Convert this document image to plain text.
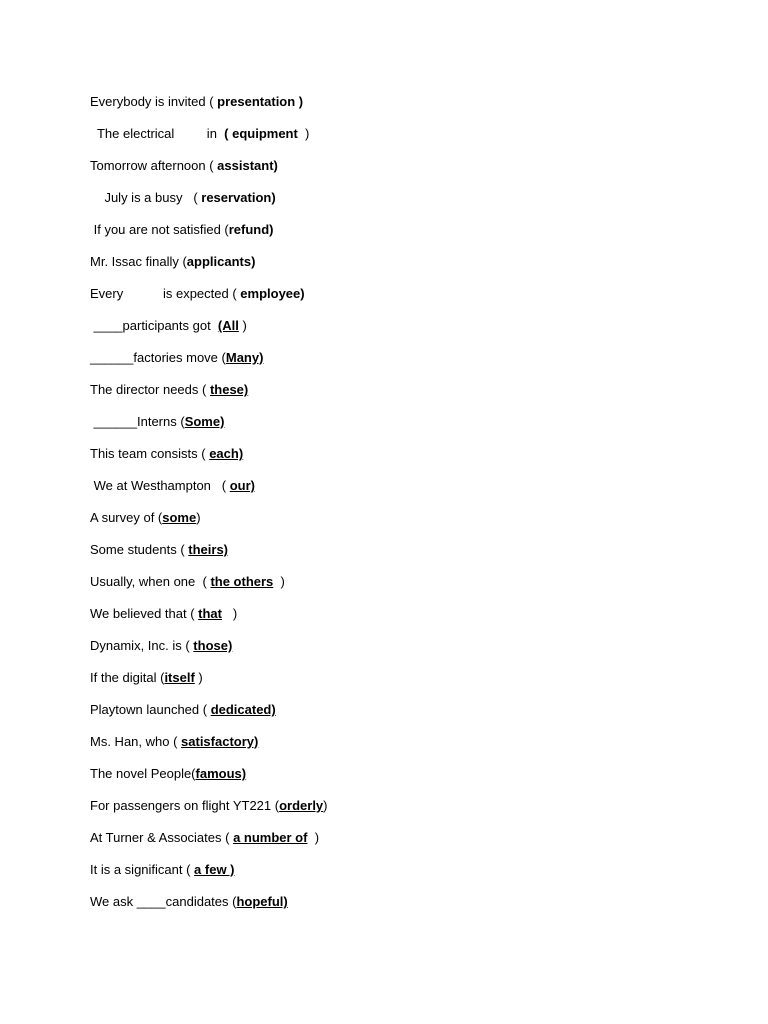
Everybody is invited ( presentation )
The electrical         in  ( equipment  )
Tomorrow afternoon ( assistant)
July is a busy   ( reservation)
If you are not satisfied (refund)
Mr. Issac finally (applicants)
Every           is expected ( employee)
____participants got  (All )
______factories move (Many)
The director needs ( these)
______Interns (Some)
This team consists ( each)
We at Westhampton   ( our)
A survey of (some)
Some students ( theirs)
Usually, when one  ( the others  )
We believed that ( that   )
Dynamix, Inc. is ( those)
If the digital (itself )
Playtown launched ( dedicated)
Ms. Han, who ( satisfactory)
The novel People(famous)
For passengers on flight YT221 (orderly)
At Turner & Associates ( a number of  )
It is a significant ( a few )
We ask ____candidates (hopeful)
